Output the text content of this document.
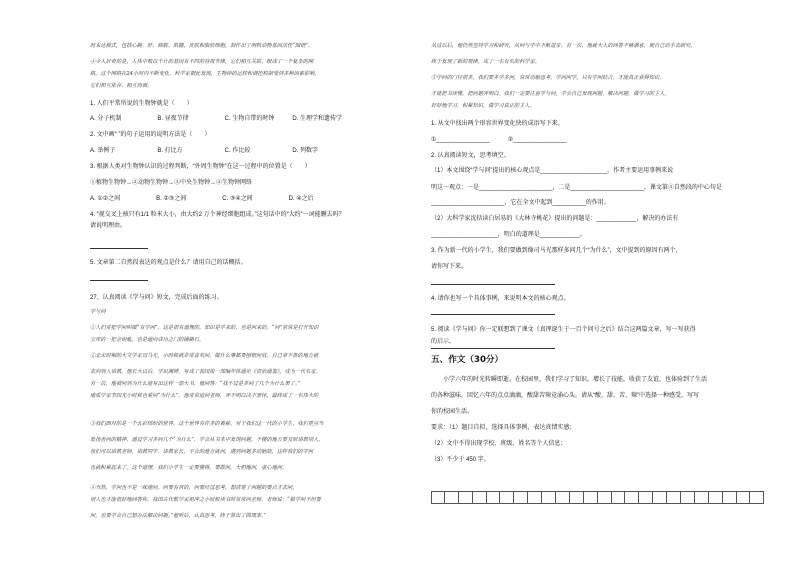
时来达模式，包括心跳、肝、肺脏、肌腱、皮肤和脂肪细胞，制作出了明机动物基因活性“图谱”。
④令人好奇的是，人体中数以千计的基因有不同的昼夜节律，它们相互关联，组成了一个复杂的网
络，这个网络在24小时内不断变化。科学家据此发现，生物钟的运转和调控机制受到多种因素影响，
它们相互依存、相互协调。
1. 人们平常所说的生物钟就是（　　）
A. 分子机制　　　　　　B. 昼夜节律　　　　　　C. 生物自带的时钟　　　D. 生理学和遗传学
2. 文中画“ ”的句子运用的说明方法是（　　）
A. 举例子　　　　　　　B. 打比方　　　　　　　C. 作比较　　　　　　　D. 列数字
3. 根据人类对生物钟认识的过程判断，“外周生物钟”在这一过程中的位置是（　　）
①植物生物钟→②动物生物钟→③中央生物钟→④生物钟网络
A. ①②之间　　　　　　B. ②③之间　　　　　　C. ③④之间　　　　　　D. ④之后
4. “视交叉上核只有1/1 粒米大小，由大约2 万个神经细胞组成。”这句话中的“大约”一词能删去吗？
请说明理由。
5. 文章第二自然段表达的观点是什么？请用自己的话概括。
27、认真阅读《学与问》短文，完成后面的练习。
学与问
①人们常把学问叫做“有学问”，这是很有道理的。知识是学来的，也是问来的。“问”常常是打开知识
宝库的一把金钥匙，也是通向成功之门的铺路石。
②北宋时期的大文学家司马光，小时候就非常喜欢问。做什么事都要刨根问底，自己拿不准的地方就
去向别人请教。他长大以后，学识渊博，写成了我国第一部编年体通史《资治通鉴》，成为一代名家。
有一次，他被问到为什么能写出这样一部大书，他回答：“我不过是多问了几个为什么罢了。”
地质学家李四光小时候也爱问“为什么”，他常常追问老师，弄不明白决不罢休，最终成了一名伟大的
③我们面对的是一个五彩缤纷的世界。这个世界有许多的奥秘。对于我们这一代的小学生，我们更应当
发扬善问的精神，通过学习多问几个“为什么”，学会从书本中发现问题。不懂的地方要及时请教别人，
我们可以请教老师，请教同学，请教家长，不会的地方就问，遇到问题多动脑筋，这样我们的学问
也就积累起来了。这个道理，我们小学生一定要懂得，要敢问，大胆地问，虚心地问。
④当然，学问也不是一味地问。问要有目的，问要经过思考，想清楚了问题的要点才去问，
别人也才能很好地回答你。我国古代数学家祖冲之小时候读书时常常问老师，老师说：“做学问不但要
问，也要学会自己想办法解决问题。”他听后，认真思考，终于算出了圆周率。”
从这以后，他仍然坚持学习和研究，从问与学中不断进步。有一次，他就大人的回答不够满意，便自己动手去研究，
终于发现了新的规律，成了一名有名的科学家。
⑤学问的门径很多，我们要多学多问，常常动脑思考。学问问学，只有学问结合，才能真正获得知识，
才能把书读懂，把问题弄明白。我们一定要注意学与问，学会自己发现问题、解决问题，做学习的主人。
好好地学习，积累知识，做学习真正的主人。
1. 从文中找出两个形容世界变化快的成语写下来。
①________________　　　②________________
2. 认真阅读短文，思考填空。
（1）本文围绕“学与问”提出的核心观点是____________________，作者主要运用事例来说
明这一观点：一是______________________，二是______________________，课文第④自然段的中心句是
______________________，它在全文中起到__________的作用。
（2）大科学家沈括读白居易的《大林寺桃花》提出的问题是：____________，解决的办法有
____________________，明白的道理是____________。
3. 作为新一代的小学生，我们要做到像司马光那样多问几个“为什么”，文中提到的原因有两个，
请你写下来。
4. 请你也写一个具体事例，来说明本文的核心观点。
5. 阅读《学与问》你一定联想到了课文《真理诞生于一百个问号之后》结合这两篇文章，写一写获得
的启示。
五、作文（30分）
　　小学六年的时光转瞬即逝。在校园里，我们学习了知识，增长了技能，收获了友谊，也体验到了生活
的各种滋味。回忆六年的点点滴滴，酸甜苦辣竟涌心头。请从“酸、甜、苦、辣”中选择一种感受，写写
你的校园生活。
要求：（1）题目自拟，选择具体事例，表达真情实感；
（2）文中不得出现学校、班级、姓名等个人信息；
（3）不少于 450 字。
